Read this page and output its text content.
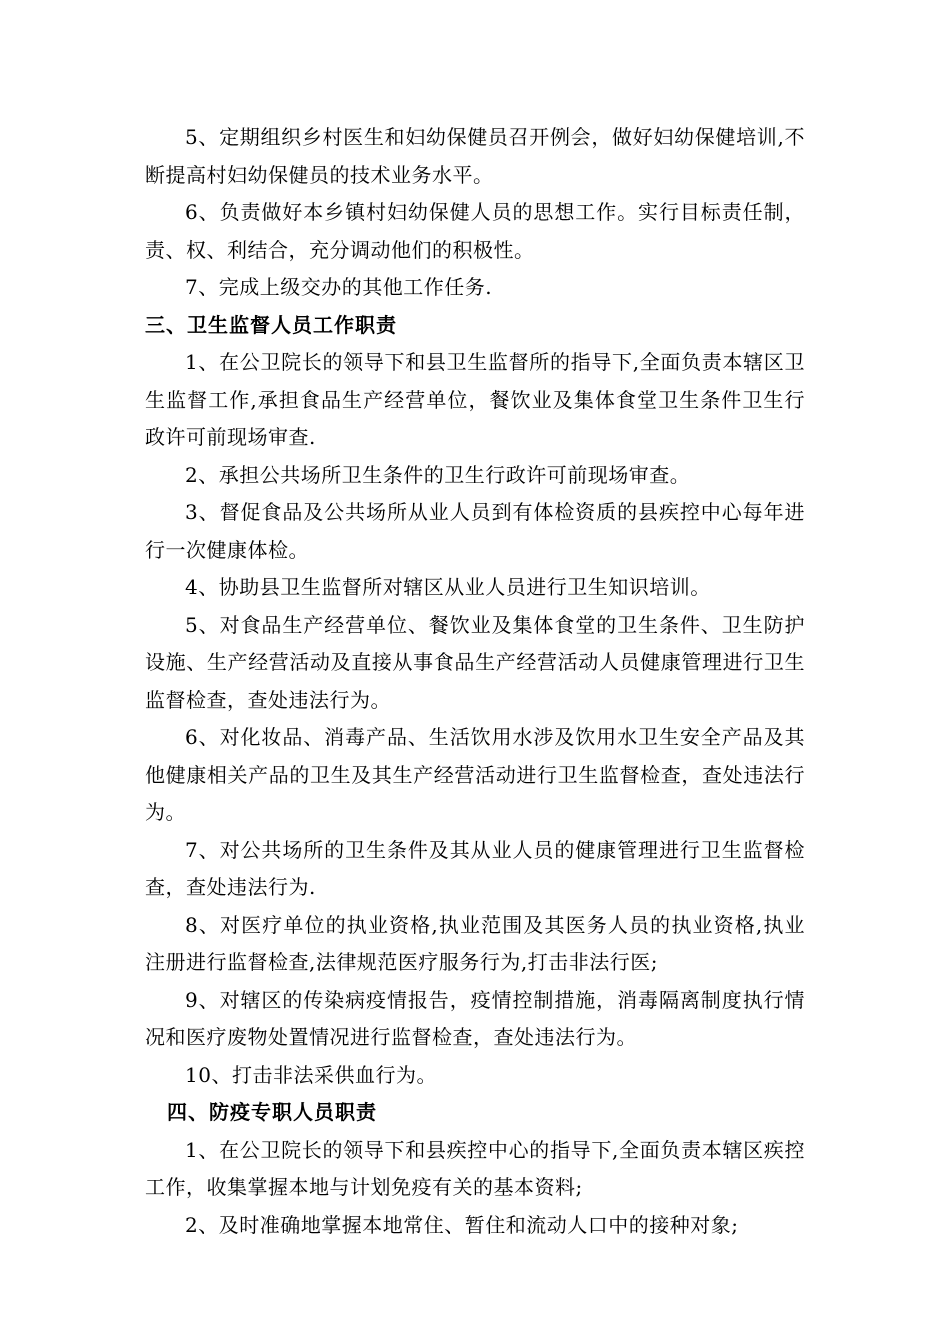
5、定期组织乡村医生和妇幼保健员召开例会，做好妇幼保健培训,不断提高村妇幼保健员的技术业务水平。

6、负责做好本乡镇村妇幼保健人员的思想工作。实行目标责任制，责、权、利结合，充分调动他们的积极性。

7、完成上级交办的其他工作任务.

三、卫生监督人员工作职责

1、在公卫院长的领导下和县卫生监督所的指导下,全面负责本辖区卫生监督工作,承担食品生产经营单位，餐饮业及集体食堂卫生条件卫生行政许可前现场审查.

2、承担公共场所卫生条件的卫生行政许可前现场审查。

3、督促食品及公共场所从业人员到有体检资质的县疾控中心每年进行一次健康体检。

4、协助县卫生监督所对辖区从业人员进行卫生知识培训。

5、对食品生产经营单位、餐饮业及集体食堂的卫生条件、卫生防护设施、生产经营活动及直接从事食品生产经营活动人员健康管理进行卫生监督检查，查处违法行为。

6、对化妆品、消毒产品、生活饮用水涉及饮用水卫生安全产品及其他健康相关产品的卫生及其生产经营活动进行卫生监督检查，查处违法行为。

7、对公共场所的卫生条件及其从业人员的健康管理进行卫生监督检查，查处违法行为.

8、对医疗单位的执业资格,执业范围及其医务人员的执业资格,执业注册进行监督检查,法律规范医疗服务行为,打击非法行医;

9、对辖区的传染病疫情报告，疫情控制措施，消毒隔离制度执行情况和医疗废物处置情况进行监督检查，查处违法行为。

10、打击非法采供血行为。

四、防疫专职人员职责

1、在公卫院长的领导下和县疾控中心的指导下,全面负责本辖区疾控工作，收集掌握本地与计划免疫有关的基本资料;

2、及时准确地掌握本地常住、暂住和流动人口中的接种对象;
